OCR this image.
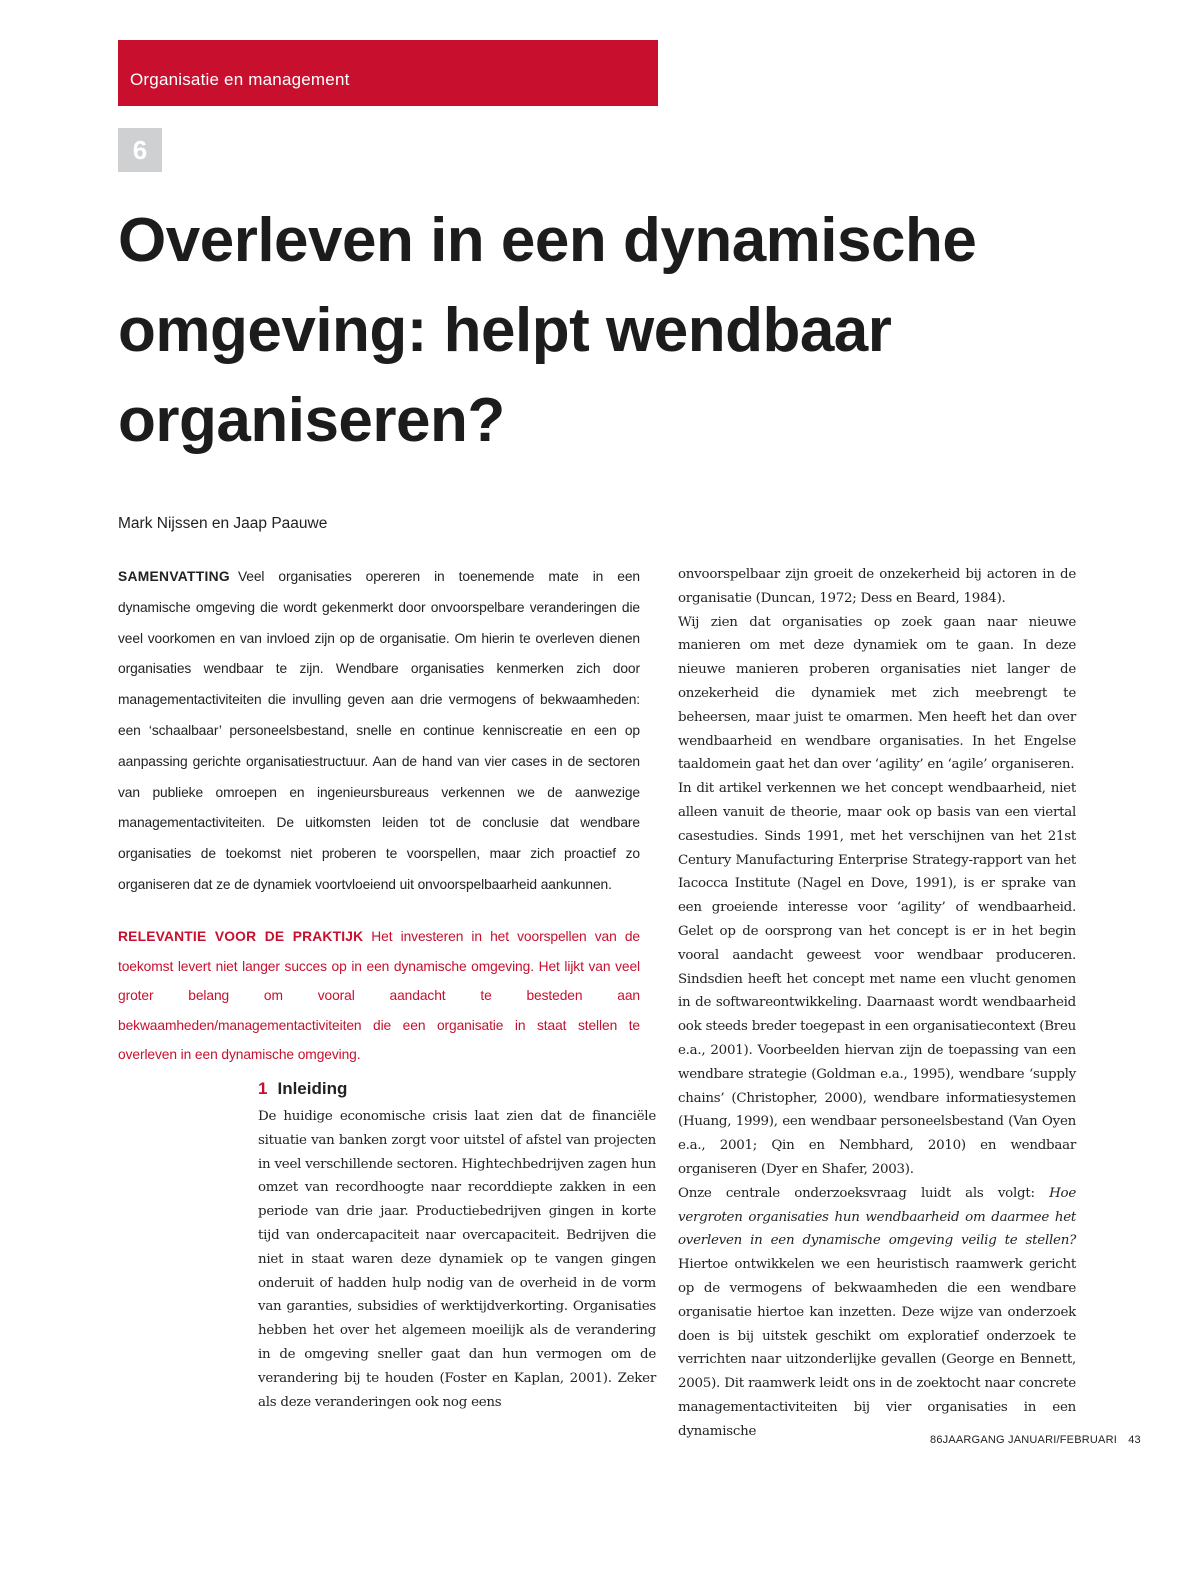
Organisatie en management
6
Overleven in een dynamische omgeving: helpt wendbaar organiseren?
Mark Nijssen en Jaap Paauwe

SAMENVATTING Veel organisaties opereren in toenemende mate in een dynamische omgeving die wordt gekenmerkt door onvoorspelbare veranderingen die veel voorkomen en van invloed zijn op de organisatie. Om hierin te overleven dienen organisaties wendbaar te zijn. Wendbare organisaties kenmerken zich door managementactiviteiten die invulling geven aan drie vermogens of bekwaamheden: een ‘schaalbaar’ personeelsbestand, snelle en continue kenniscreatie en een op aanpassing gerichte organisatiestructuur. Aan de hand van vier cases in de sectoren van publieke omroepen en ingenieursbureaus verkennen we de aanwezige managementactiviteiten. De uitkomsten leiden tot de conclusie dat wendbare organisaties de toekomst niet proberen te voorspellen, maar zich proactief zo organiseren dat ze de dynamiek voortvloeiend uit onvoorspelbaarheid aankunnen.

RELEVANTIE VOOR DE PRAKTIJK Het investeren in het voorspellen van de toekomst levert niet langer succes op in een dynamische omgeving. Het lijkt van veel groter belang om vooral aandacht te besteden aan bekwaamheden/managementactiviteiten die een organisatie in staat stellen te overleven in een dynamische omgeving.

1 Inleiding

De huidige economische crisis laat zien dat de financiële situatie van banken zorgt voor uitstel of afstel van projecten in veel verschillende sectoren. Hightechbedrijven zagen hun omzet van recordhoogte naar recorddiepte zakken in een periode van drie jaar. Productiebedrijven gingen in korte tijd van ondercapaciteit naar overcapaciteit. Bedrijven die niet in staat waren deze dynamiek op te vangen gingen onderuit of hadden hulp nodig van de overheid in de vorm van garanties, subsidies of werktijdverkorting. Organisaties hebben het over het algemeen moeilijk als de verandering in de omgeving sneller gaat dan hun vermogen om de verandering bij te houden (Foster en Kaplan, 2001). Zeker als deze veranderingen ook nog eens

onvoorspelbaar zijn groeit de onzekerheid bij actoren in de organisatie (Duncan, 1972; Dess en Beard, 1984).

Wij zien dat organisaties op zoek gaan naar nieuwe manieren om met deze dynamiek om te gaan. In deze nieuwe manieren proberen organisaties niet langer de onzekerheid die dynamiek met zich meebrengt te beheersen, maar juist te omarmen. Men heeft het dan over wendbaarheid en wendbare organisaties. In het Engelse taaldomein gaat het dan over ‘agility’ en ‘agile’ organiseren.

In dit artikel verkennen we het concept wendbaarheid, niet alleen vanuit de theorie, maar ook op basis van een viertal casestudies. Sinds 1991, met het verschijnen van het 21st Century Manufacturing Enterprise Strategy-rapport van het Iacocca Institute (Nagel en Dove, 1991), is er sprake van een groeiende interesse voor ‘agility’ of wendbaarheid. Gelet op de oorsprong van het concept is er in het begin vooral aandacht geweest voor wendbaar produceren. Sindsdien heeft het concept met name een vlucht genomen in de softwareontwikkeling. Daarnaast wordt wendbaarheid ook steeds breder toegepast in een organisatiecontext (Breu e.a., 2001). Voorbeelden hiervan zijn de toepassing van een wendbare strategie (Goldman e.a., 1995), wendbare ‘supply chains’ (Christopher, 2000), wendbare informatiesystemen (Huang, 1999), een wendbaar personeelsbestand (Van Oyen e.a., 2001; Qin en Nembhard, 2010) en wendbaar organiseren (Dyer en Shafer, 2003).

Onze centrale onderzoeksvraag luidt als volgt: Hoe vergroten organisaties hun wendbaarheid om daarmee het overleven in een dynamische omgeving veilig te stellen? Hiertoe ontwikkelen we een heuristisch raamwerk gericht op de vermogens of bekwaamheden die een wendbare organisatie hiertoe kan inzetten. Deze wijze van onderzoek doen is bij uitstek geschikt om exploratief onderzoek te verrichten naar uitzonderlijke gevallen (George en Bennett, 2005). Dit raamwerk leidt ons in de zoektocht naar concrete managementactiviteiten bij vier organisaties in een dynamische

86JAARGANG JANUARI/FEBRUARI 43
